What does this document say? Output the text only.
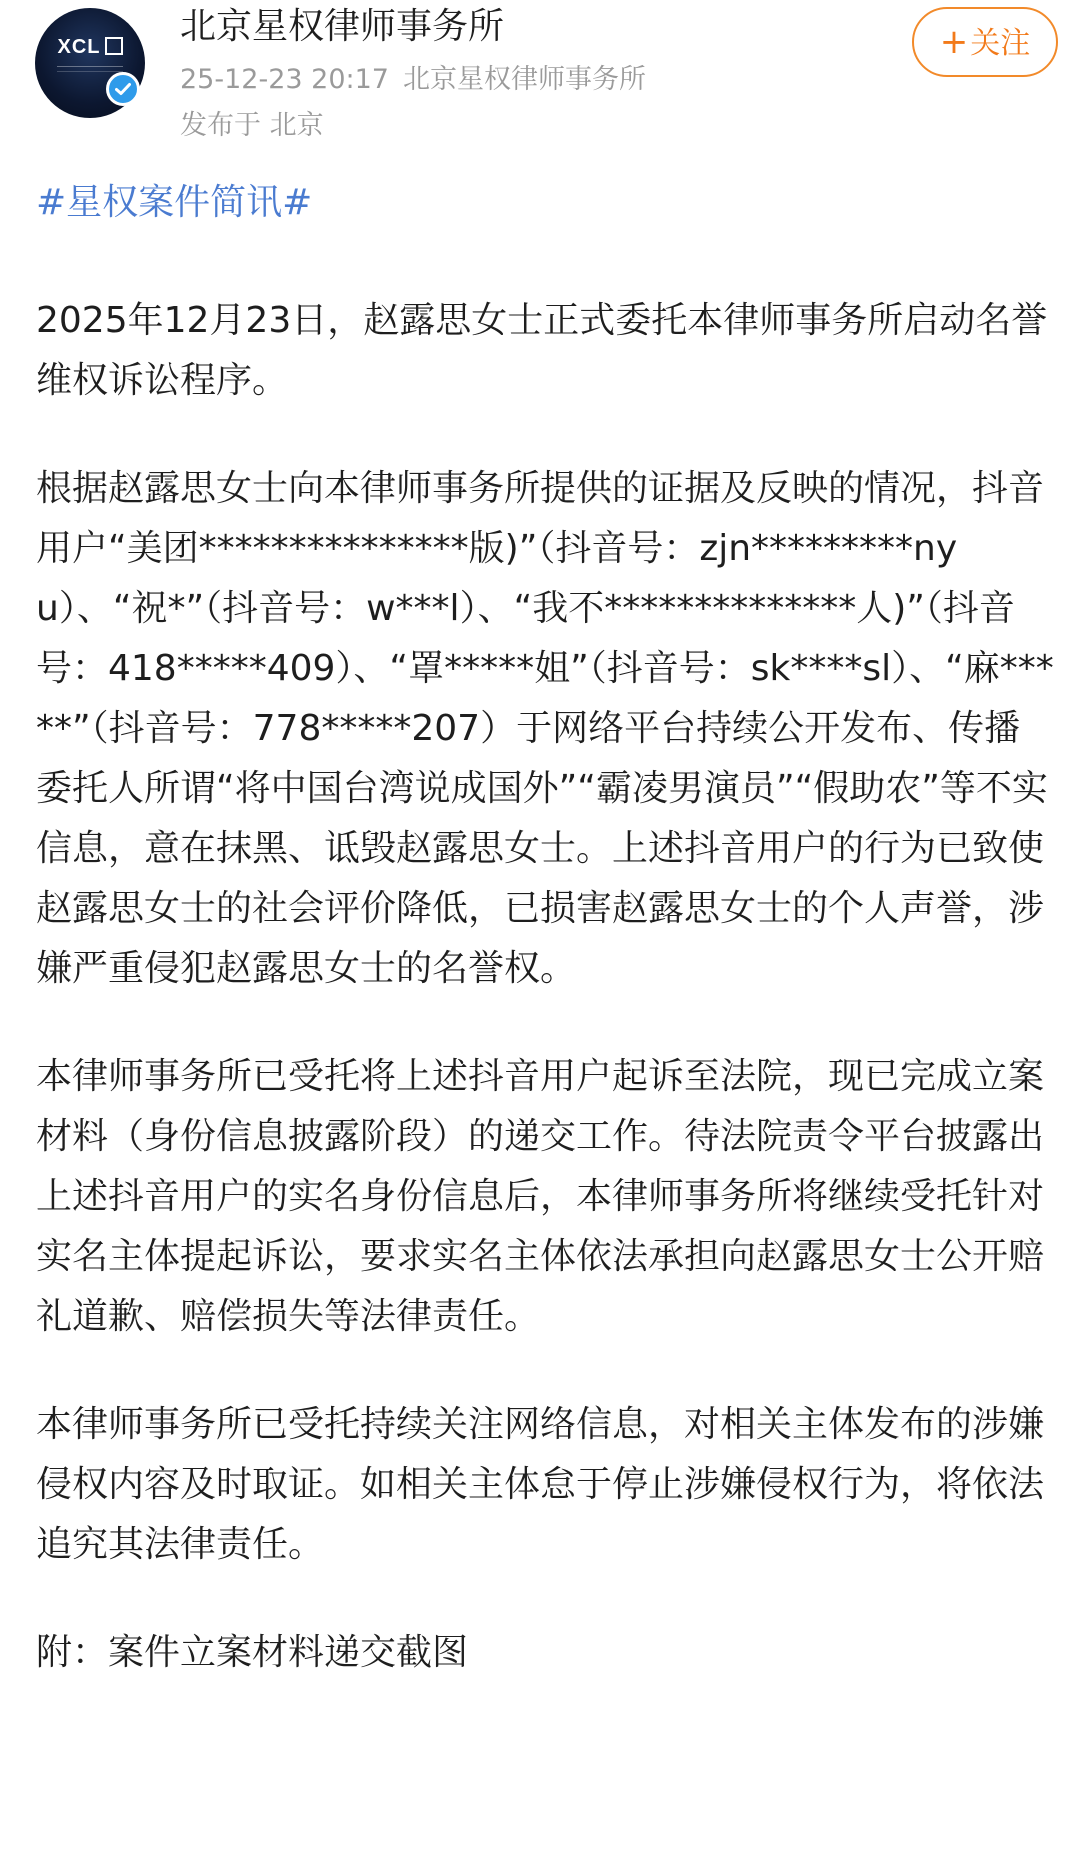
XCL	北京星权律师事务所
25-12-23 20:17 北京星权律师事务所
发布于 北京
+关注
#星权案件简讯#

2025年12月23日，赵露思女士正式委托本律师事务所启动名誉维权诉讼程序。

根据赵露思女士向本律师事务所提供的证据及反映的情况，抖音用户“美团***************版)”（抖音号：zjn*********nyu）、“祝*”（抖音号：w***l）、“我不**************人)”（抖音号：418*****409）、“罩*****姐”（抖音号：sk****sl）、“麻*****”（抖音号：778*****207）于网络平台持续公开发布、传播委托人所谓“将中国台湾说成国外”“霸凌男演员”“假助农”等不实信息，意在抹黑、诋毁赵露思女士。上述抖音用户的行为已致使赵露思女士的社会评价降低，已损害赵露思女士的个人声誉，涉嫌严重侵犯赵露思女士的名誉权。

本律师事务所已受托将上述抖音用户起诉至法院，现已完成立案材料（身份信息披露阶段）的递交工作。待法院责令平台披露出上述抖音用户的实名身份信息后，本律师事务所将继续受托针对实名主体提起诉讼，要求实名主体依法承担向赵露思女士公开赔礼道歉、赔偿损失等法律责任。

本律师事务所已受托持续关注网络信息，对相关主体发布的涉嫌侵权内容及时取证。如相关主体怠于停止涉嫌侵权行为，将依法追究其法律责任。

附：案件立案材料递交截图
